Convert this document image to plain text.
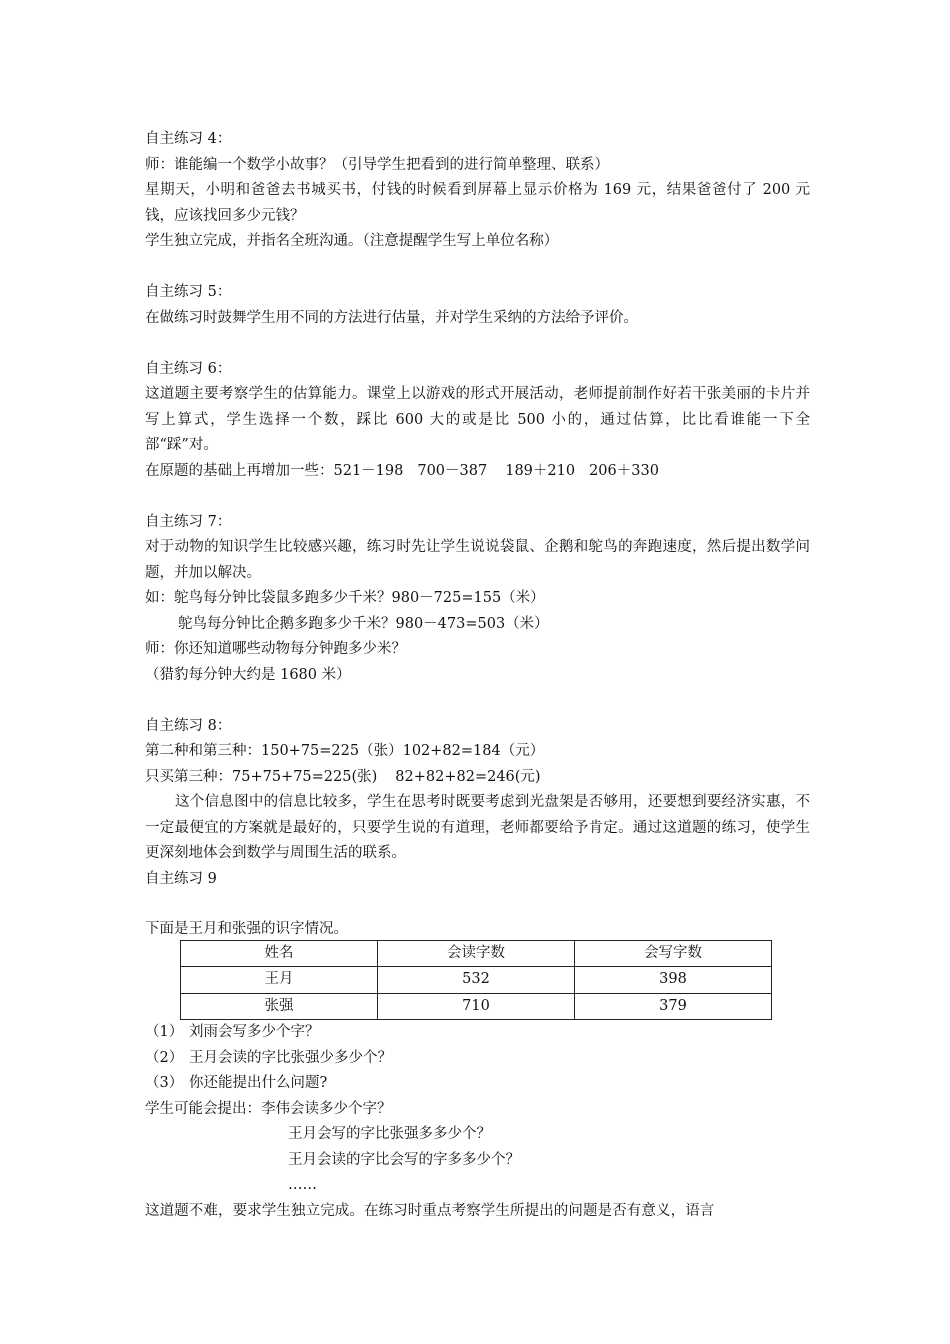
自主练习 4：
师：谁能编一个数学小故事？（引导学生把看到的进行简单整理、联系）
星期天，小明和爸爸去书城买书，付钱的时候看到屏幕上显示价格为 169 元，结果爸爸付了 200 元钱，应该找回多少元钱？
学生独立完成，并指名全班沟通。（注意提醒学生写上单位名称）
自主练习 5：
在做练习时鼓舞学生用不同的方法进行估量，并对学生采纳的方法给予评价。
自主练习 6：
这道题主要考察学生的估算能力。课堂上以游戏的形式开展活动，老师提前制作好若干张美丽的卡片并写上算式，学生选择一个数，踩比 600 大的或是比 500 小的，通过估算，比比看谁能一下全部“踩”对。
在原题的基础上再增加一些：521－198 700－387 189＋210 206＋330
自主练习 7：
对于动物的知识学生比较感兴趣，练习时先让学生说说袋鼠、企鹅和鸵鸟的奔跑速度，然后提出数学问题，并加以解决。
如：鸵鸟每分钟比袋鼠多跑多少千米？980－725=155（米）
鸵鸟每分钟比企鹅多跑多少千米？980－473=503（米）
师：你还知道哪些动物每分钟跑多少米？
（猎豹每分钟大约是 1680 米）
自主练习 8：
第二种和第三种：150+75=225（张）102+82=184（元）
只买第三种：75+75+75=225(张) 82+82+82=246(元)
这个信息图中的信息比较多，学生在思考时既要考虑到光盘架是否够用，还要想到要经济实惠，不一定最便宜的方案就是最好的，只要学生说的有道理，老师都要给予肯定。通过这道题的练习，使学生更深刻地体会到数学与周围生活的联系。
自主练习 9
下面是王月和张强的识字情况。
姓名	会读字数	会写字数
王月	532	398
张强	710	379
（1） 刘雨会写多少个字？
（2） 王月会读的字比张强少多少个？
（3） 你还能提出什么问题?
学生可能会提出：李伟会读多少个字？
王月会写的字比张强多多少个？
王月会读的字比会写的字多多少个？
……
这道题不难，要求学生独立完成。在练习时重点考察学生所提出的问题是否有意义，语言
